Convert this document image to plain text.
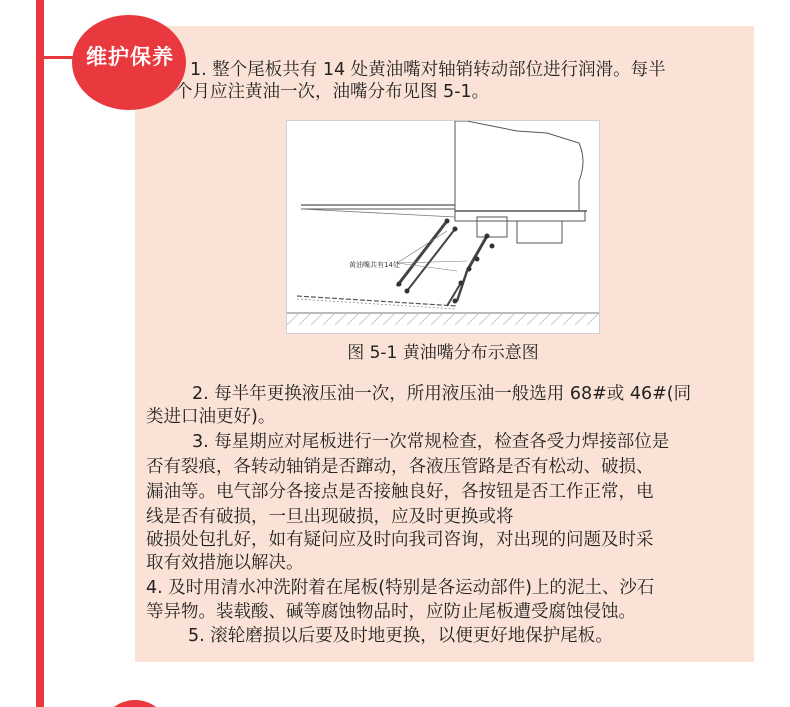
维护保养
1. 整个尾板共有 14 处黄油嘴对轴销转动部位进行润滑。每半
个月应注黄油一次，油嘴分布见图 5-1。
黄油嘴共有14处
图 5-1 黄油嘴分布示意图
2. 每半年更换液压油一次，所用液压油一般选用 68#或 46#(同
类进口油更好)。
3. 每星期应对尾板进行一次常规检查，检查各受力焊接部位是
否有裂痕，各转动轴销是否蹿动，各液压管路是否有松动、破损、
漏油等。电气部分各接点是否接触良好，各按钮是否工作正常，电
线是否有破损，一旦出现破损，应及时更换或将
破损处包扎好，如有疑问应及时向我司咨询，对出现的问题及时采
取有效措施以解决。
4. 及时用清水冲洗附着在尾板(特别是各运动部件)上的泥土、沙石
等异物。装载酸、碱等腐蚀物品时，应防止尾板遭受腐蚀侵蚀。
5. 滚轮磨损以后要及时地更换，以便更好地保护尾板。
